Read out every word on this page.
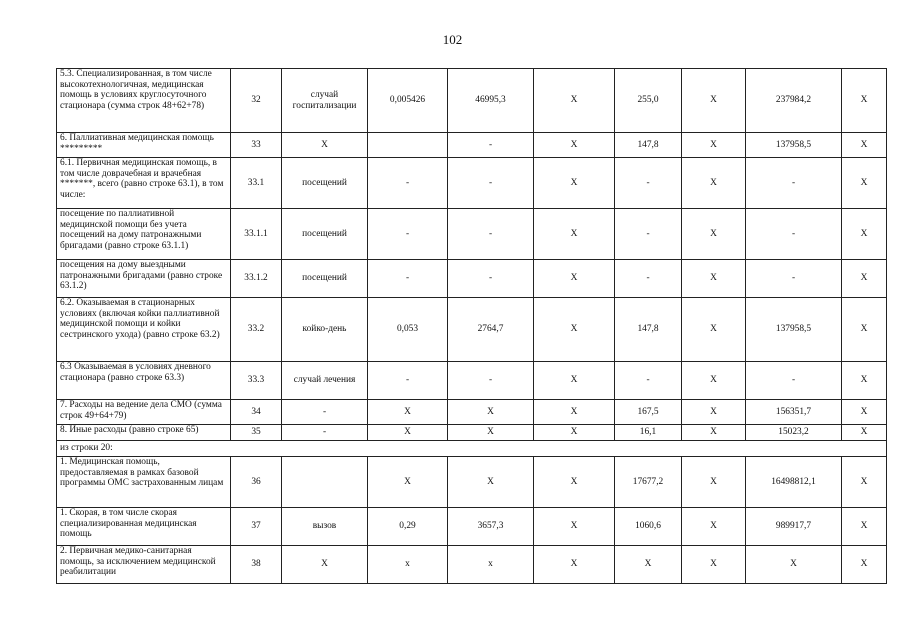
102
5.3. Специализированная, в том числе высокотехнологичная, медицинская помощь в условиях круглосуточного стационара (сумма строк 48+62+78)	32	случай госпитализации	0,005426	46995,3	X	255,0	X	237984,2	X
6. Паллиативная медицинская помощь *********	33	X		-	X	147,8	X	137958,5	X
6.1. Первичная медицинская помощь, в том числе доврачебная и врачебная *******, всего (равно строке 63.1), в том числе:	33.1	посещений	-	-	X	-	X	-	X
посещение по паллиативной медицинской помощи без учета посещений на дому патронажными бригадами (равно строке 63.1.1)	33.1.1	посещений	-	-	X	-	X	-	X
посещения на дому выездными патронажными бригадами (равно строке 63.1.2)	33.1.2	посещений	-	-	X	-	X	-	X
6.2. Оказываемая в стационарных условиях (включая койки паллиативной медицинской помощи и койки сестринского ухода) (равно строке 63.2)	33.2	койко-день	0,053	2764,7	X	147,8	X	137958,5	X
6.3 Оказываемая в условиях дневного стационара (равно строке 63.3)	33.3	случай лечения	-	-	X	-	X	-	X
7. Расходы на ведение дела СМО (сумма строк 49+64+79)	34	-	X	X	X	167,5	X	156351,7	X
8. Иные расходы (равно строке 65)	35	-	X	X	X	16,1	X	15023,2	X
из строки 20:									
1. Медицинская помощь, предоставляемая в рамках базовой программы ОМС застрахованным лицам	36		X	X	X	17677,2	X	16498812,1	X
1. Скорая, в том числе скорая специализированная медицинская помощь	37	вызов	0,29	3657,3	X	1060,6	X	989917,7	X
2. Первичная медико-санитарная помощь, за исключением медицинской реабилитации	38	X	x	x	X	X	X	X	X
